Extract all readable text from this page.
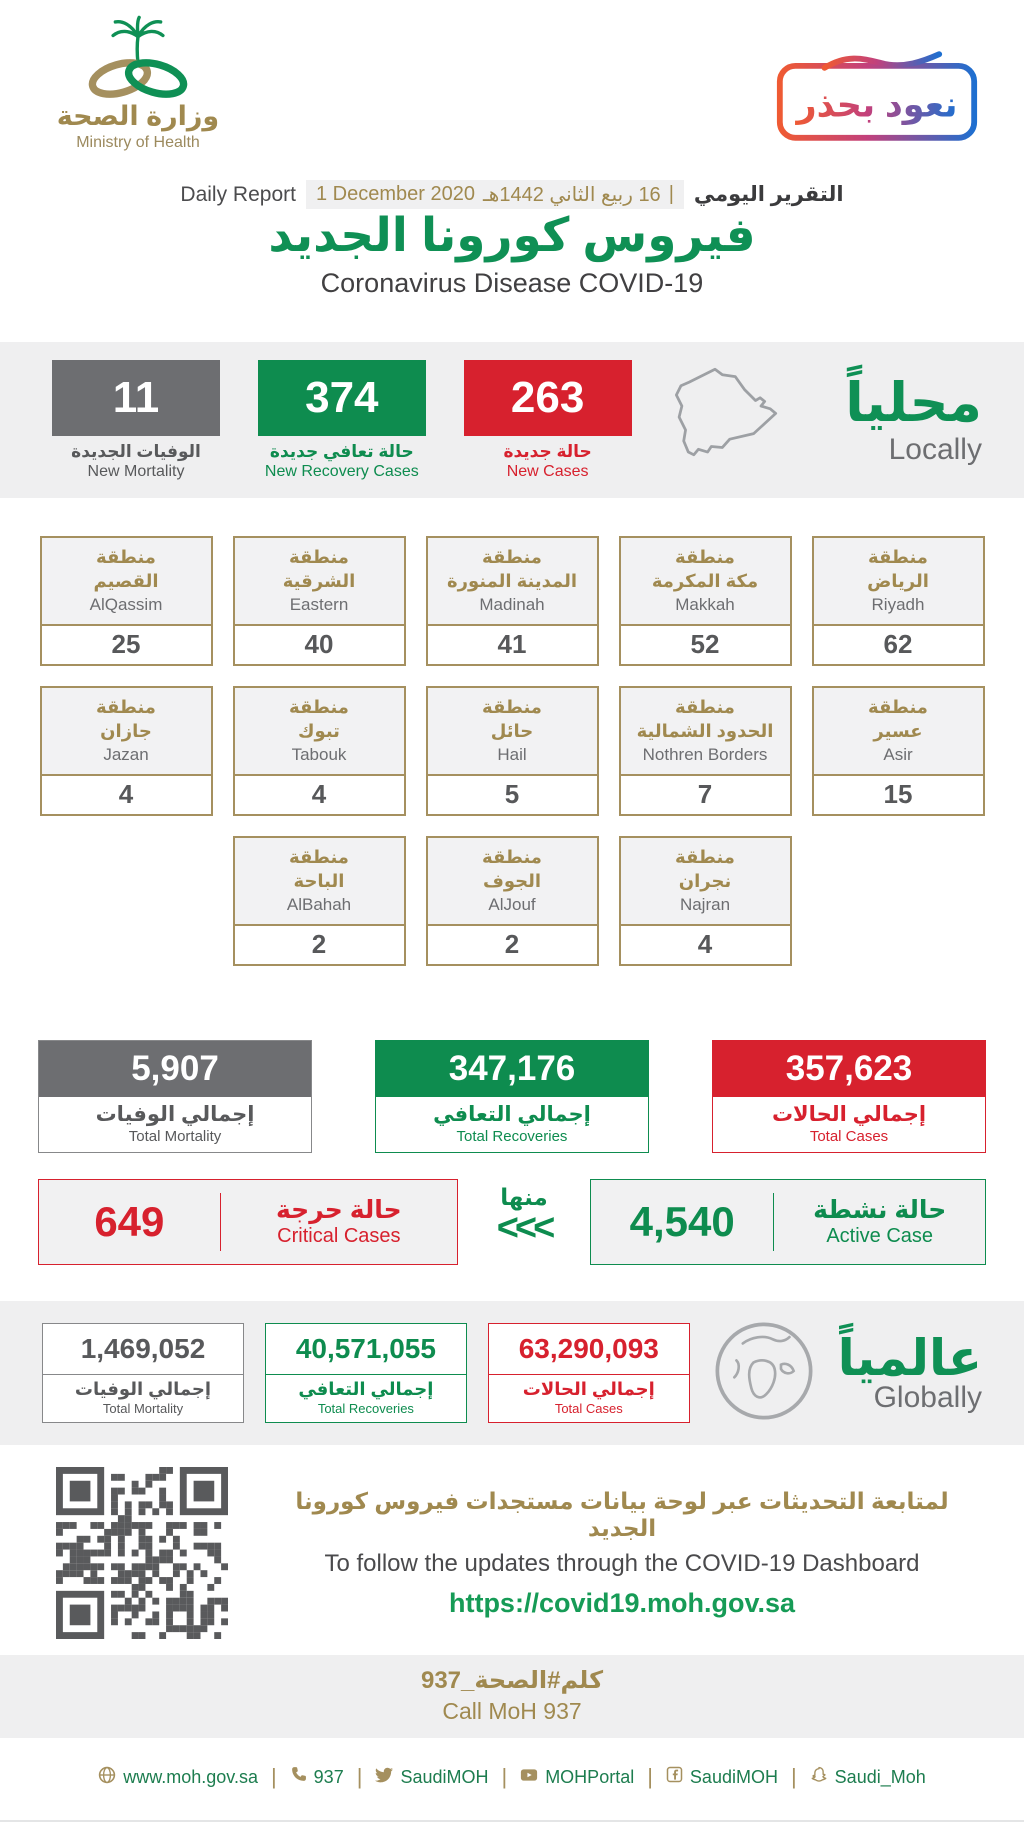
وزارة الصحة
Ministry of Health
نعود بحذر
Daily Report 1 December 2020 16 ربيع الثاني 1442هـ | التقرير اليومي
فيروس كورونا الجديد
Coronavirus Disease COVID-19
11
الوفيات الجديدة
New Mortality
374
حالة تعافي جديدة
New Recovery Cases
263
حالة جديدة
New Cases
محلياً
Locally
منطقة
القصيم
AlQassim
25
منطقة
الشرقية
Eastern
40
منطقة
المدينة المنورة
Madinah
41
منطقة
مكة المكرمة
Makkah
52
منطقة
الرياض
Riyadh
62
منطقة
جازان
Jazan
4
منطقة
تبوك
Tabouk
4
منطقة
حائل
Hail
5
منطقة
الحدود الشمالية
Nothren Borders
7
منطقة
عسير
Asir
15
منطقة
الباحة
AlBahah
2
منطقة
الجوف
AlJouf
2
منطقة
نجران
Najran
4
5,907
إجمالي الوفيات
Total Mortality
347,176
إجمالي التعافي
Total Recoveries
357,623
إجمالي الحالات
Total Cases
649	حالة حرجة
Critical Cases
منها
<<< 4,540	حالة نشطة
Active Case
1,469,052
إجمالي الوفيات
Total Mortality
40,571,055
إجمالي التعافي
Total Recoveries
63,290,093
إجمالي الحالات
Total Cases
عالمياً
Globally
لمتابعة التحديثات عبر لوحة بيانات مستجدات فيروس كورونا الجديد
To follow the updates through the COVID-19 Dashboard
https://covid19.moh.gov.sa
كلم#الصحة_937
Call MoH 937
www.moh.gov.sa | 937 | SaudiMOH | MOHPortal | SaudiMOH | Saudi_Moh
